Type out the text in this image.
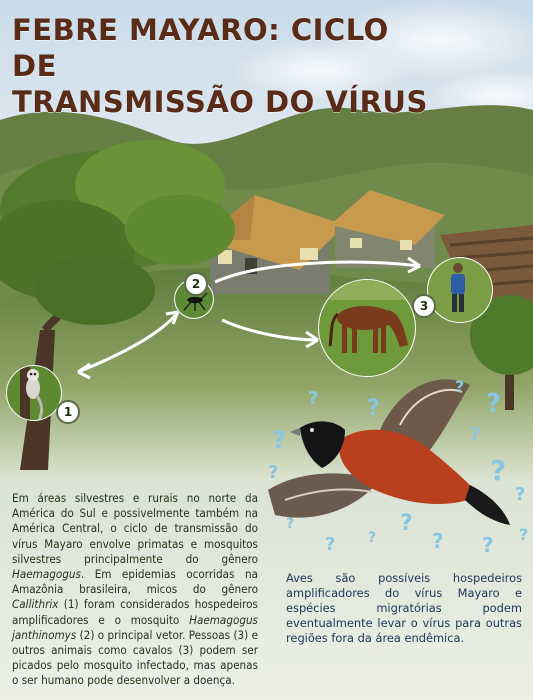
? ?
?
?
?
?
?
?
?
?
?
? ?	? ?
?
FEBRE MAYARO: CICLO DE
TRANSMISSÃO DO VÍRUS
1
2
3
Em áreas silvestres e rurais no norte da América do Sul e possivelmente também na América Central, o ciclo de transmissão do vírus Mayaro envolve primatas e mosquitos silvestres principalmente do gênero Haemagogus. Em epidemias ocorridas na Amazônia brasileira, micos do gênero Callithrix (1) foram considerados hospedeiros amplificadores e o mosquito Haemagogus janthinomys (2) o principal vetor. Pessoas (3) e outros animais como cavalos (3) podem ser picados pelo mosquito infectado, mas apenas o ser humano pode desenvolver a doença.
Aves são possíveis hospedeiros amplificadores do vírus Mayaro e espécies migratórias podem eventualmente levar o vírus para outras regiões fora da área endêmica.
